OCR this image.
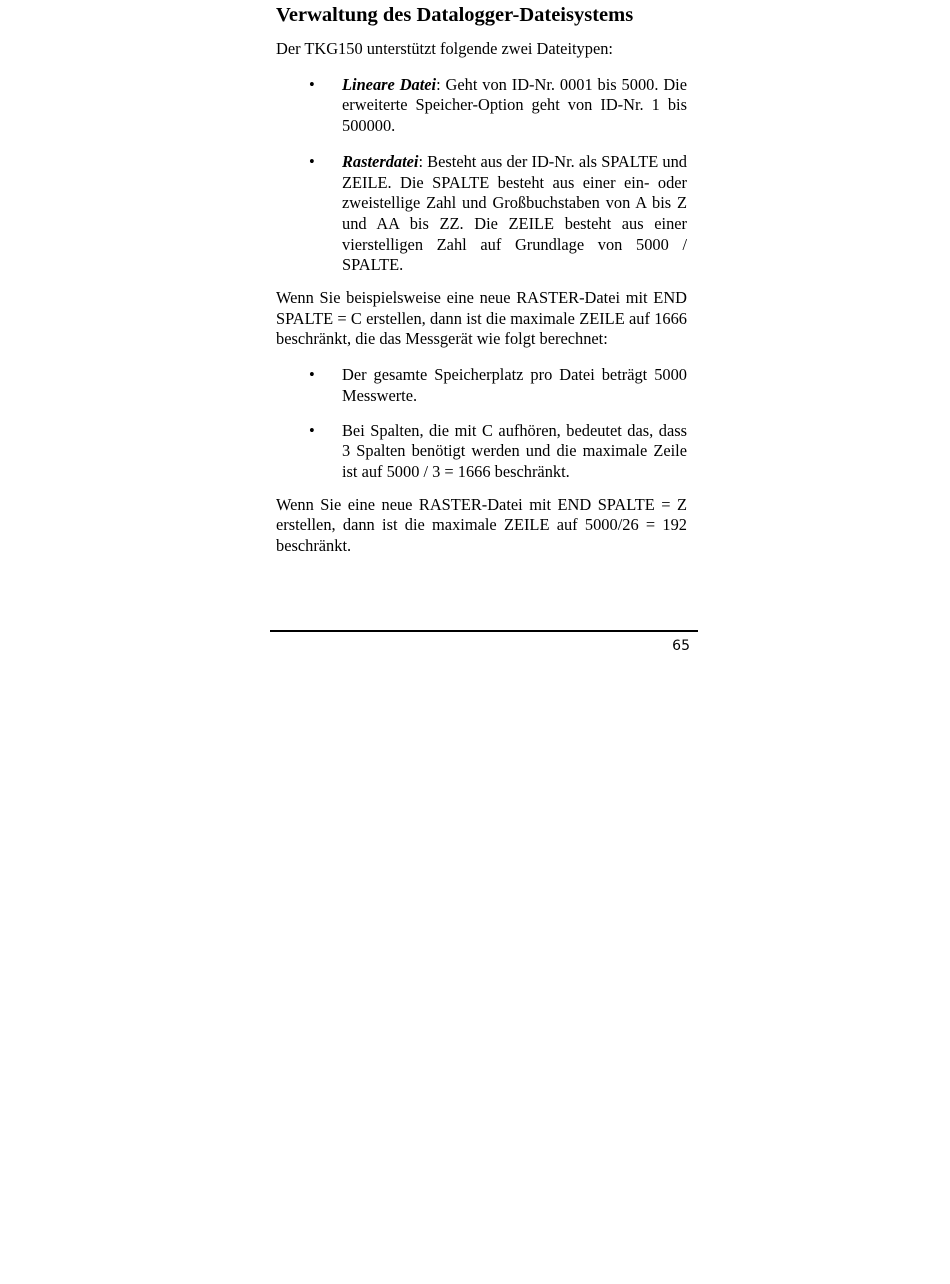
Verwaltung des Datalogger-Dateisystems

Der TKG150 unterstützt folgende zwei Dateitypen:

• Lineare Datei: Geht von ID-Nr. 0001 bis 5000. Die erweiterte Speicher-Option geht von ID-Nr. 1 bis 500000.
• Rasterdatei: Besteht aus der ID-Nr. als SPALTE und ZEILE. Die SPALTE besteht aus einer ein- oder zweistellige Zahl und Großbuchstaben von A bis Z und AA bis ZZ. Die ZEILE besteht aus einer vierstelligen Zahl auf Grundlage von 5000 / SPALTE.

Wenn Sie beispielsweise eine neue RASTER-Datei mit END SPALTE = C erstellen, dann ist die maximale ZEILE auf 1666 beschränkt, die das Messgerät wie folgt berechnet:

• Der gesamte Speicherplatz pro Datei beträgt 5000 Messwerte.
• Bei Spalten, die mit C aufhören, bedeutet das, dass 3 Spalten benötigt werden und die maximale Zeile ist auf 5000 / 3 = 1666 beschränkt.

Wenn Sie eine neue RASTER-Datei mit END SPALTE = Z erstellen, dann ist die maximale ZEILE auf 5000/26 = 192 beschränkt.

65
